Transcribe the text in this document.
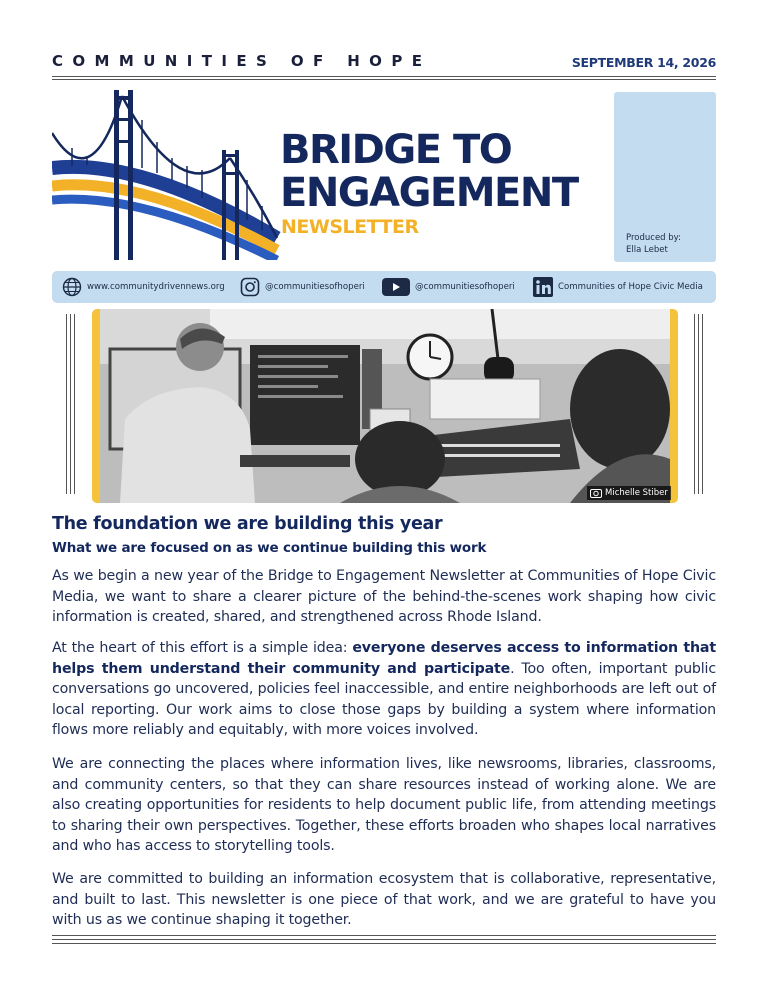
COMMUNITIES OF HOPE	SEPTEMBER 14, 2026
BRIDGE TO
ENGAGEMENT
NEWSLETTER	Produced by:
Ella Lebet
www.communitydrivennews.org	@communitiesofhoperi	@communitiesofhoperi	Communities of Hope Civic Media
Michelle Stiber
The foundation we are building this year
What we are focused on as we continue building this work
As we begin a new year of the Bridge to Engagement Newsletter at Communities of Hope Civic Media, we want to share a clearer picture of the behind-the-scenes work shaping how civic information is created, shared, and strengthened across Rhode Island.
At the heart of this effort is a simple idea: everyone deserves access to information that helps them understand their community and participate. Too often, important public conversations go uncovered, policies feel inaccessible, and entire neighborhoods are left out of local reporting. Our work aims to close those gaps by building a system where information flows more reliably and equitably, with more voices involved.
We are connecting the places where information lives, like newsrooms, libraries, classrooms, and community centers, so that they can share resources instead of working alone. We are also creating opportunities for residents to help document public life, from attending meetings to sharing their own perspectives. Together, these efforts broaden who shapes local narratives and who has access to storytelling tools.
We are committed to building an information ecosystem that is collaborative, representative, and built to last. This newsletter is one piece of that work, and we are grateful to have you with us as we continue shaping it together.
